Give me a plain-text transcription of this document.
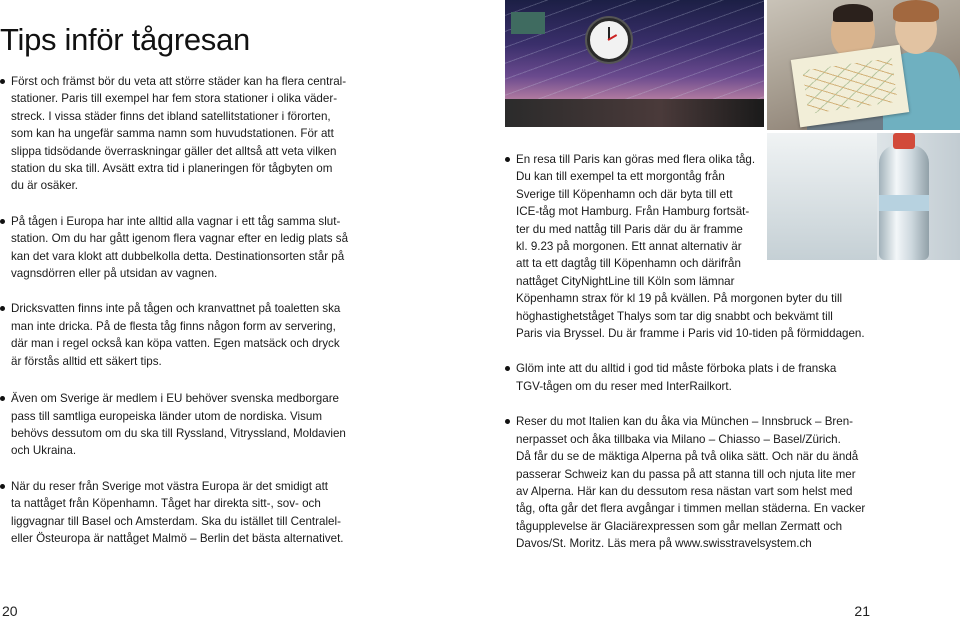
Tips inför tågresan
Först och främst bör du veta att större städer kan ha flera central-
stationer. Paris till exempel har fem stora stationer i olika väder-
streck. I vissa städer finns det ibland satellitstationer i förorten,
som kan ha ungefär samma namn som huvudstationen. För att
slippa tidsödande överraskningar gäller det alltså att veta vilken
station du ska till. Avsätt extra tid i planeringen för tågbyten om
du är osäker.
På tågen i Europa har inte alltid alla vagnar i ett tåg samma slut-
station. Om du har gått igenom flera vagnar efter en ledig plats så
kan det vara klokt att dubbelkolla detta. Destinationsorten står på
vagnsdörren eller på utsidan av vagnen.
Dricksvatten finns inte på tågen och kranvattnet på toaletten ska
man inte dricka. På de flesta tåg finns någon form av servering,
där man i regel också kan köpa vatten. Egen matsäck och dryck
är förstås alltid ett säkert tips.
Även om Sverige är medlem i EU behöver svenska medborgare
pass till samtliga europeiska länder utom de nordiska. Visum
behövs dessutom om du ska till Ryssland, Vitryssland, Moldavien
och Ukraina.
När du reser från Sverige mot västra Europa är det smidigt att
ta nattåget från Köpenhamn. Tåget har direkta sitt-, sov- och
liggvagnar till Basel och Amsterdam. Ska du istället till Centralel-
eller Östeuropa är nattåget Malmö – Berlin det bästa alternativet.
En resa till Paris kan göras med flera olika tåg.
Du kan till exempel ta ett morgontåg från
Sverige till Köpenhamn och där byta till ett
ICE-tåg mot Hamburg. Från Hamburg fortsät-
ter du med nattåg till Paris där du är framme
kl. 9.23 på morgonen. Ett annat alternativ är
att ta ett dagtåg till Köpenhamn och därifrån
nattåget CityNightLine till Köln som lämnar
Köpenhamn strax för kl 19 på kvällen. På morgonen byter du till
höghastighetståget Thalys som tar dig snabbt och bekvämt till
Paris via Bryssel. Du är framme i Paris vid 10-tiden på förmiddagen.
Glöm inte att du alltid i god tid måste förboka plats i de franska
TGV-tågen om du reser med InterRailkort.
Reser du mot Italien kan du åka via München – Innsbruck – Bren-
nerpasset och åka tillbaka via Milano – Chiasso – Basel/Zürich.
Då får du se de mäktiga Alperna på två olika sätt. Och när du ändå
passerar Schweiz kan du passa på att stanna till och njuta lite mer
av Alperna. Här kan du dessutom resa nästan vart som helst med
tåg, ofta går det flera avgångar i timmen mellan städerna. En vacker
tågupplevelse är Glaciärexpressen som går mellan Zermatt och
Davos/St. Moritz. Läs mera på www.swisstravelsystem.ch
20	21
